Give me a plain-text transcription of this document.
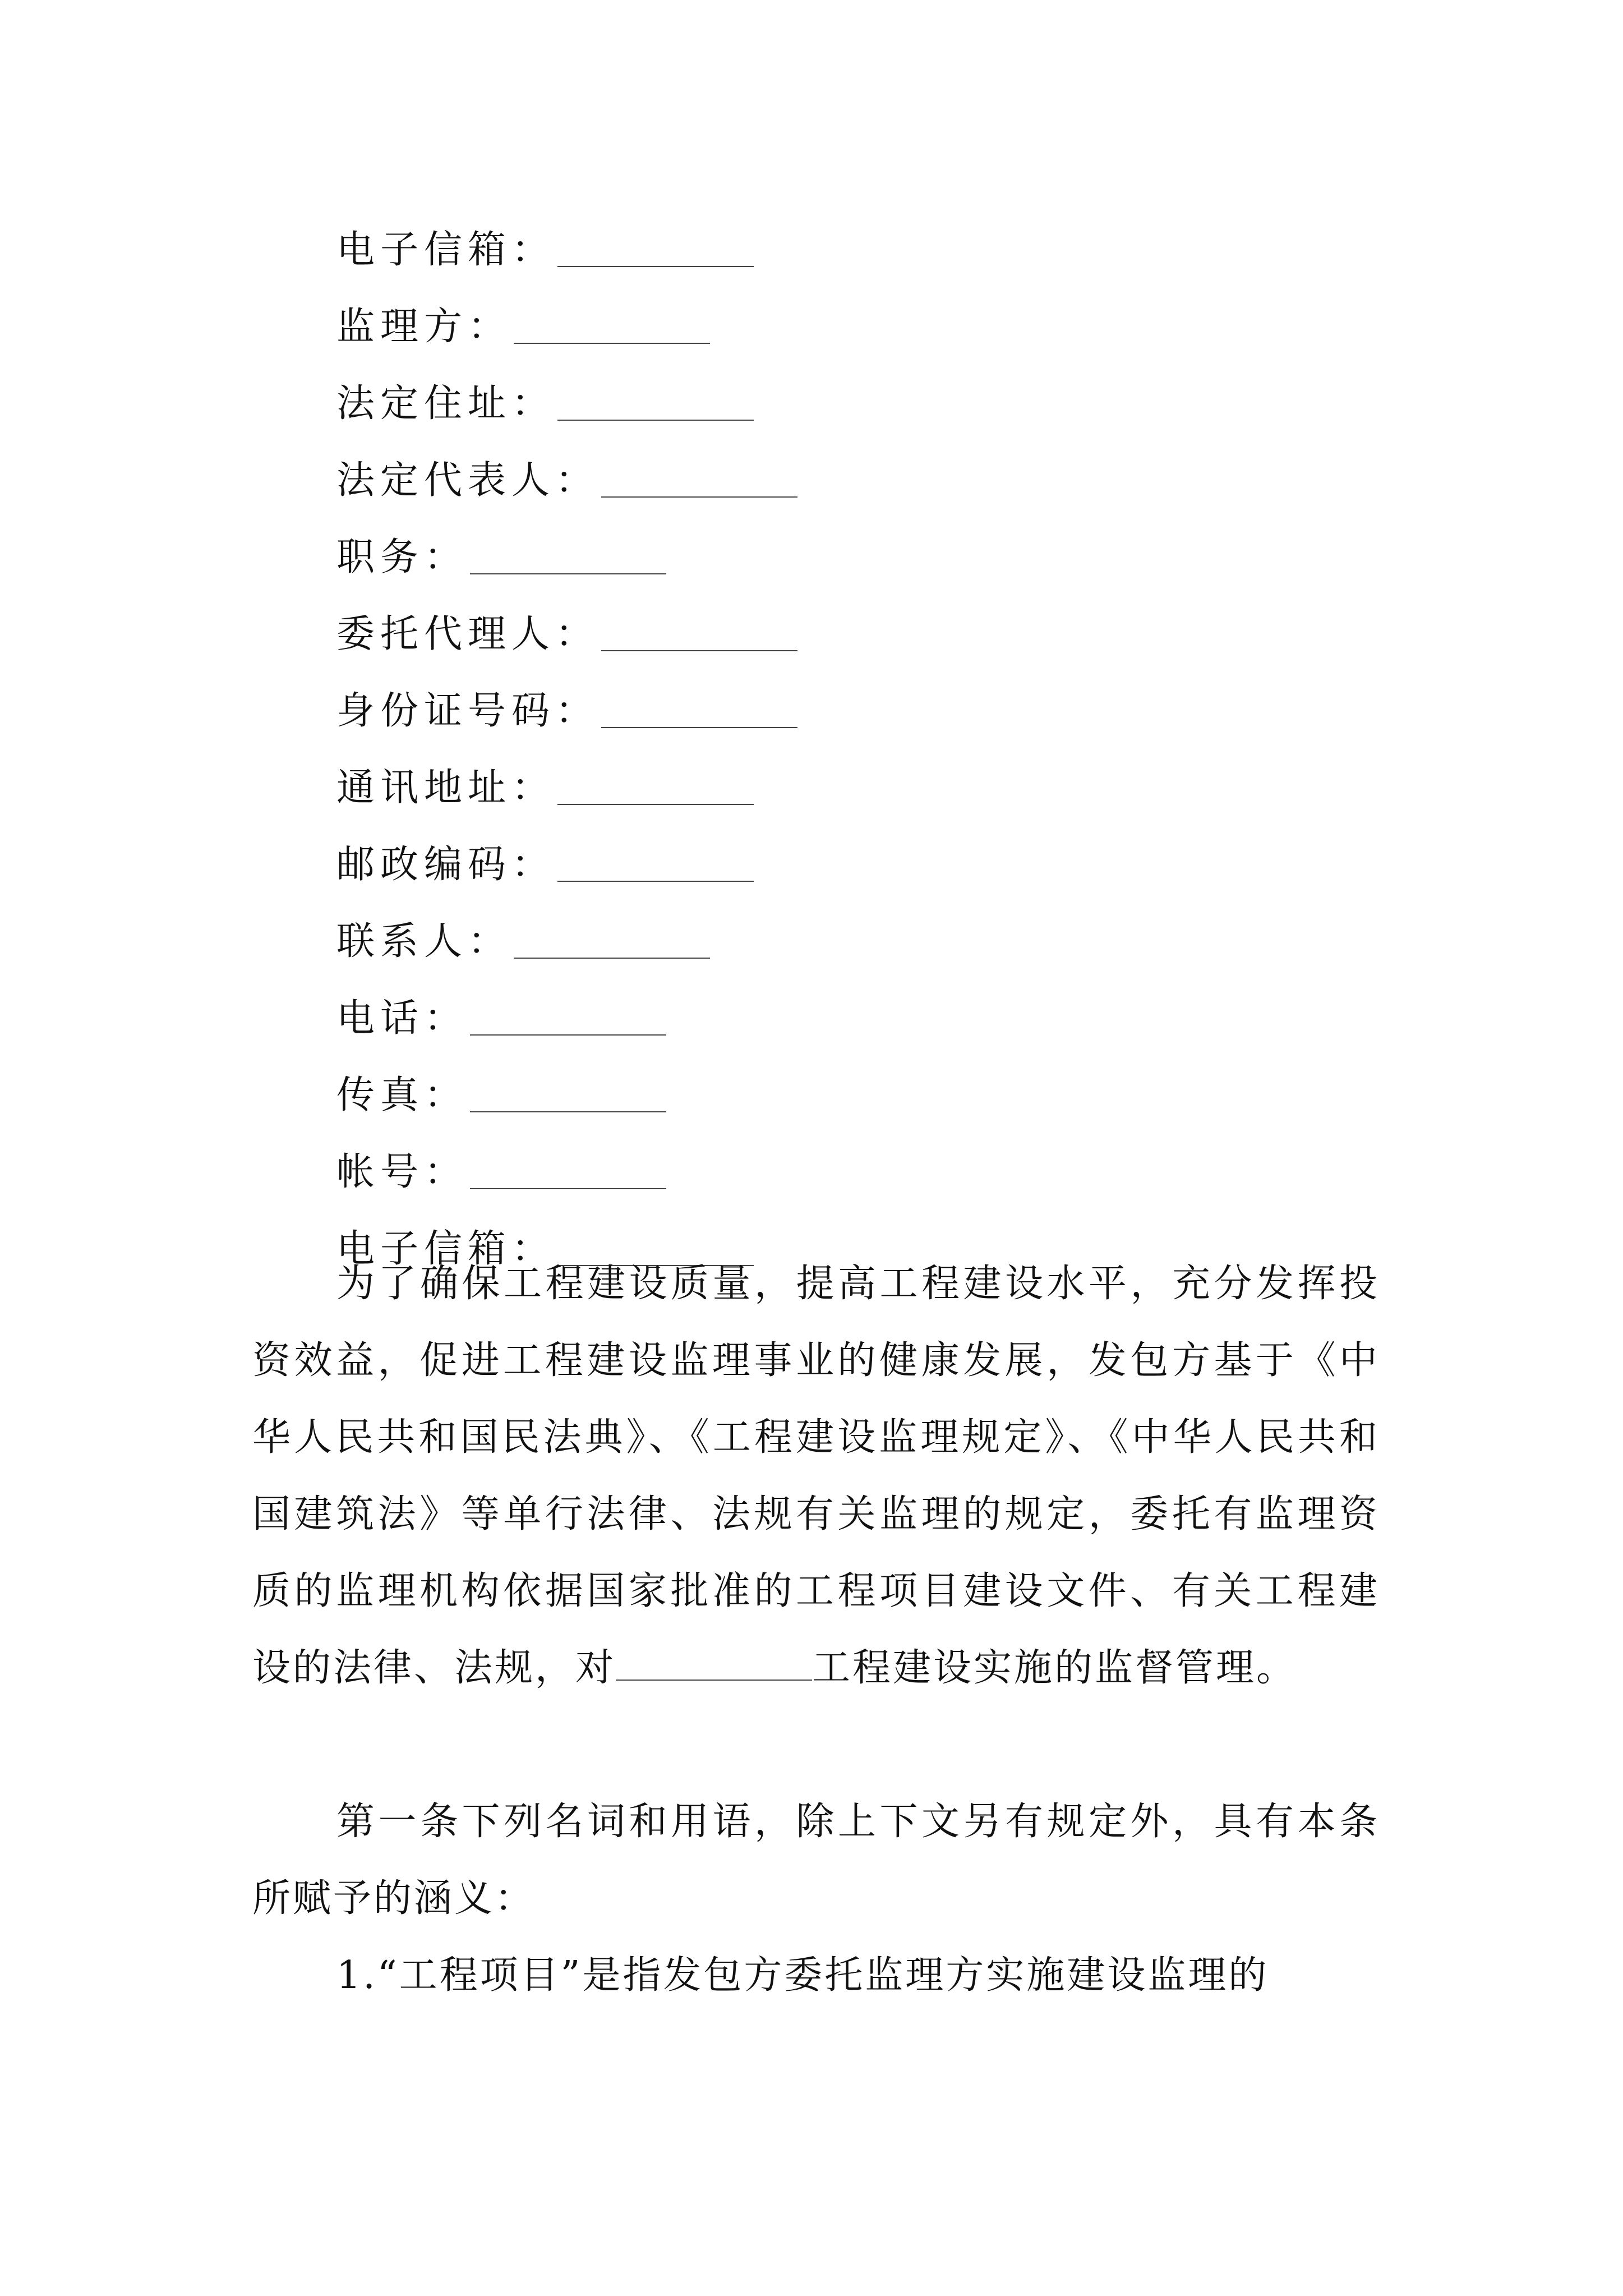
电子信箱：
监理方：
法定住址：
法定代表人：
职务：
委托代理人：
身份证号码：
通讯地址：
邮政编码：
联系人：
电话：
传真：
帐号：
电子信箱：

为了确保工程建设质量，提高工程建设水平，充分发挥投资效益，促进工程建设监理事业的健康发展，发包方基于《中华人民共和国民法典》、《工程建设监理规定》、《中华人民共和国建筑法》等单行法律、法规有关监理的规定，委托有监理资质的监理机构依据国家批准的工程项目建设文件、有关工程建设的法律、法规，对	工程建设实施的监督管理。

第一条下列名词和用语，除上下文另有规定外，具有本条所赋予的涵义：

1.“工程项目”是指发包方委托监理方实施建设监理的
